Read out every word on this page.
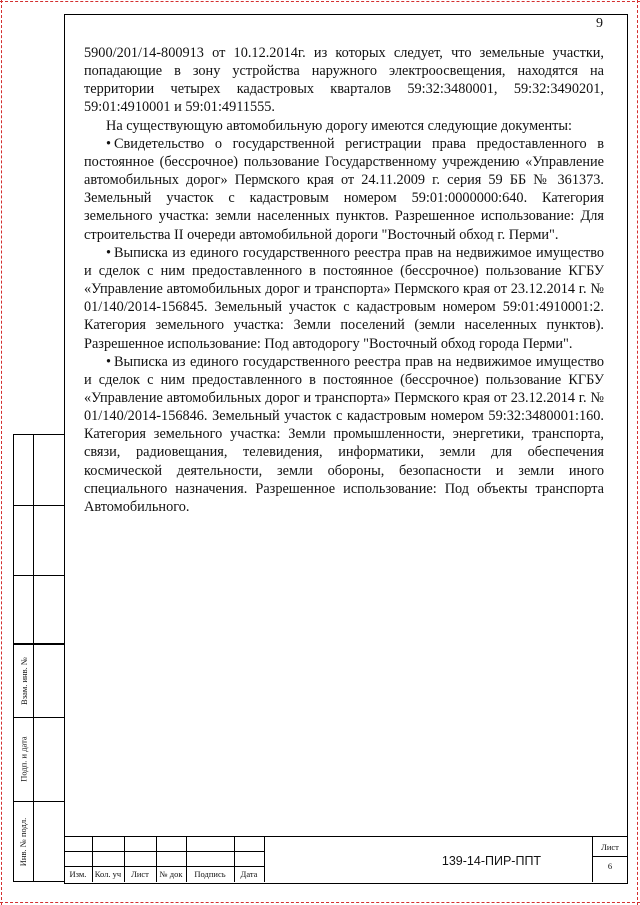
9

5900/201/14-800913 от 10.12.2014г. из которых следует, что земельные участки, попадающие в зону устройства наружного электроосвещения, находятся на территории четырех кадастровых кварталов 59:32:3480001, 59:32:3490201, 59:01:4910001 и 59:01:4911555.

На существующую автомобильную дорогу имеются следующие документы:

• Свидетельство о государственной регистрации права предоставленного в постоянное (бессрочное) пользование Государственному учреждению «Управление автомобильных дорог» Пермского края от 24.11.2009 г. серия 59 ББ № 361373. Земельный участок с кадастровым номером 59:01:0000000:640. Категория земельного участка: земли населенных пунктов. Разрешенное использование: Для строительства II очереди автомобильной дороги "Восточный обход г. Перми".

• Выписка из единого государственного реестра прав на недвижимое имущество и сделок с ним предоставленного в постоянное (бессрочное) пользование КГБУ «Управление автомобильных дорог и транспорта» Пермского края от 23.12.2014 г. № 01/140/2014-156845. Земельный участок с кадастровым номером 59:01:4910001:2. Категория земельного участка: Земли поселений (земли населенных пунктов). Разрешенное использование: Под автодорогу "Восточный обход города Перми".

• Выписка из единого государственного реестра прав на недвижимое имущество и сделок с ним предоставленного в постоянное (бессрочное) пользование КГБУ «Управление автомобильных дорог и транспорта» Пермского края от 23.12.2014 г. № 01/140/2014-156846. Земельный участок с кадастровым номером 59:32:3480001:160. Категория земельного участка: Земли промышленности, энергетики, транспорта, связи, радиовещания, телевидения, информатики, земли для обеспечения космической деятельности, земли обороны, безопасности и земли иного специального назначения. Разрешенное использование: Под объекты транспорта Автомобильного.

Взам. инв. №
Подп. и дата
Инв. № подл.
Изм. Кол. уч	Лист	№ док	Подпись	Дата
139-14-ПИР-ППТ
Лист
6
